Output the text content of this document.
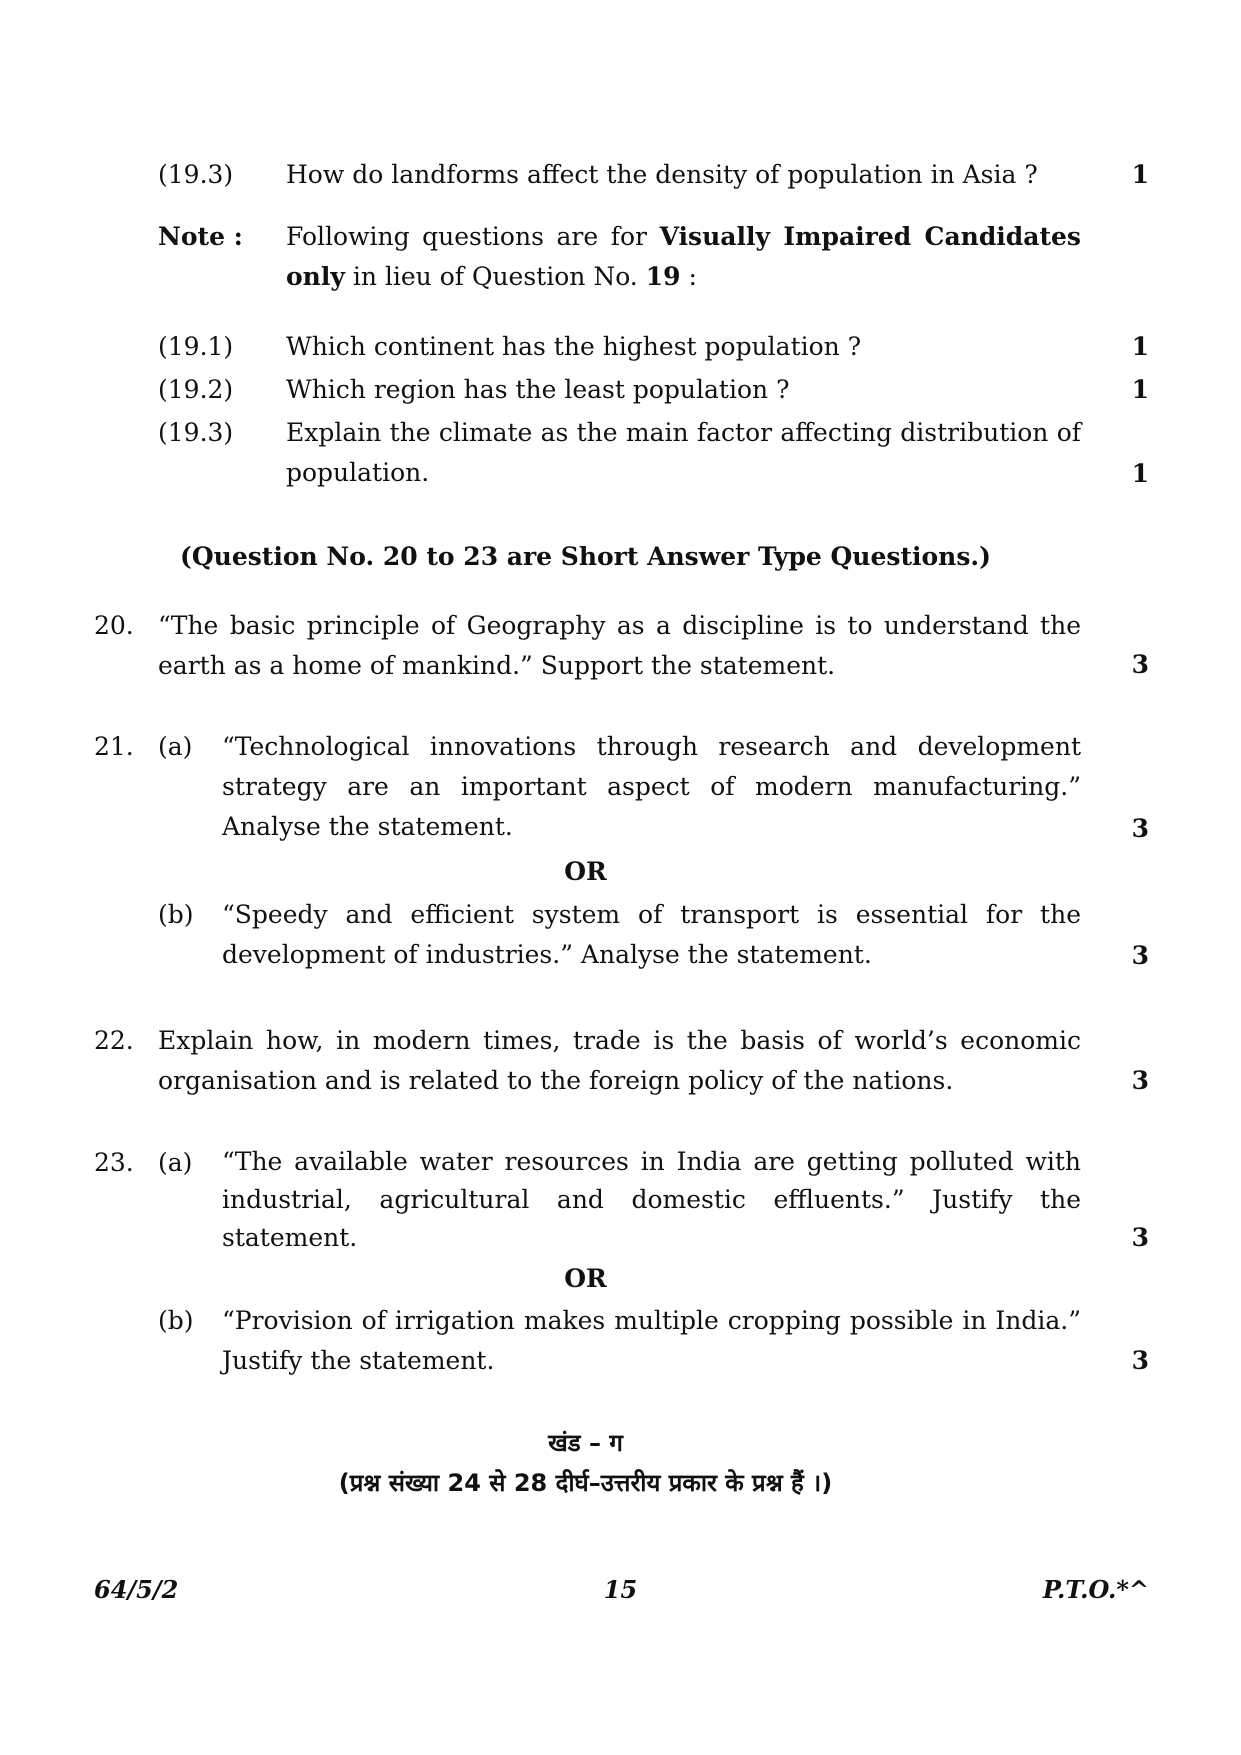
(19.3) How do landforms affect the density of population in Asia ?	1
Note : Following questions are for Visually Impaired Candidates only in lieu of Question No. 19 :
(19.1) Which continent has the highest population ?	1
(19.2) Which region has the least population ?	1
(19.3) Explain the climate as the main factor affecting distribution of population.	1
(Question No. 20 to 23 are Short Answer Type Questions.)
20. “The basic principle of Geography as a discipline is to understand the earth as a home of mankind.” Support the statement.	3
21. (a) “Technological innovations through research and development strategy are an important aspect of modern manufacturing.” Analyse the statement.	3
OR
(b) “Speedy and efficient system of transport is essential for the development of industries.” Analyse the statement.	3
22. Explain how, in modern times, trade is the basis of world’s economic organisation and is related to the foreign policy of the nations.	3
23. (a) “The available water resources in India are getting polluted with industrial, agricultural and domestic effluents.” Justify the statement.	3
OR
(b) “Provision of irrigation makes multiple cropping possible in India.” Justify the statement.	3
खंड – ग
(प्रश्न संख्या 24 से 28 दीर्घ–उत्तरीय प्रकार के प्रश्न हैं ।)
64/5/2	15	P.T.O.*^
